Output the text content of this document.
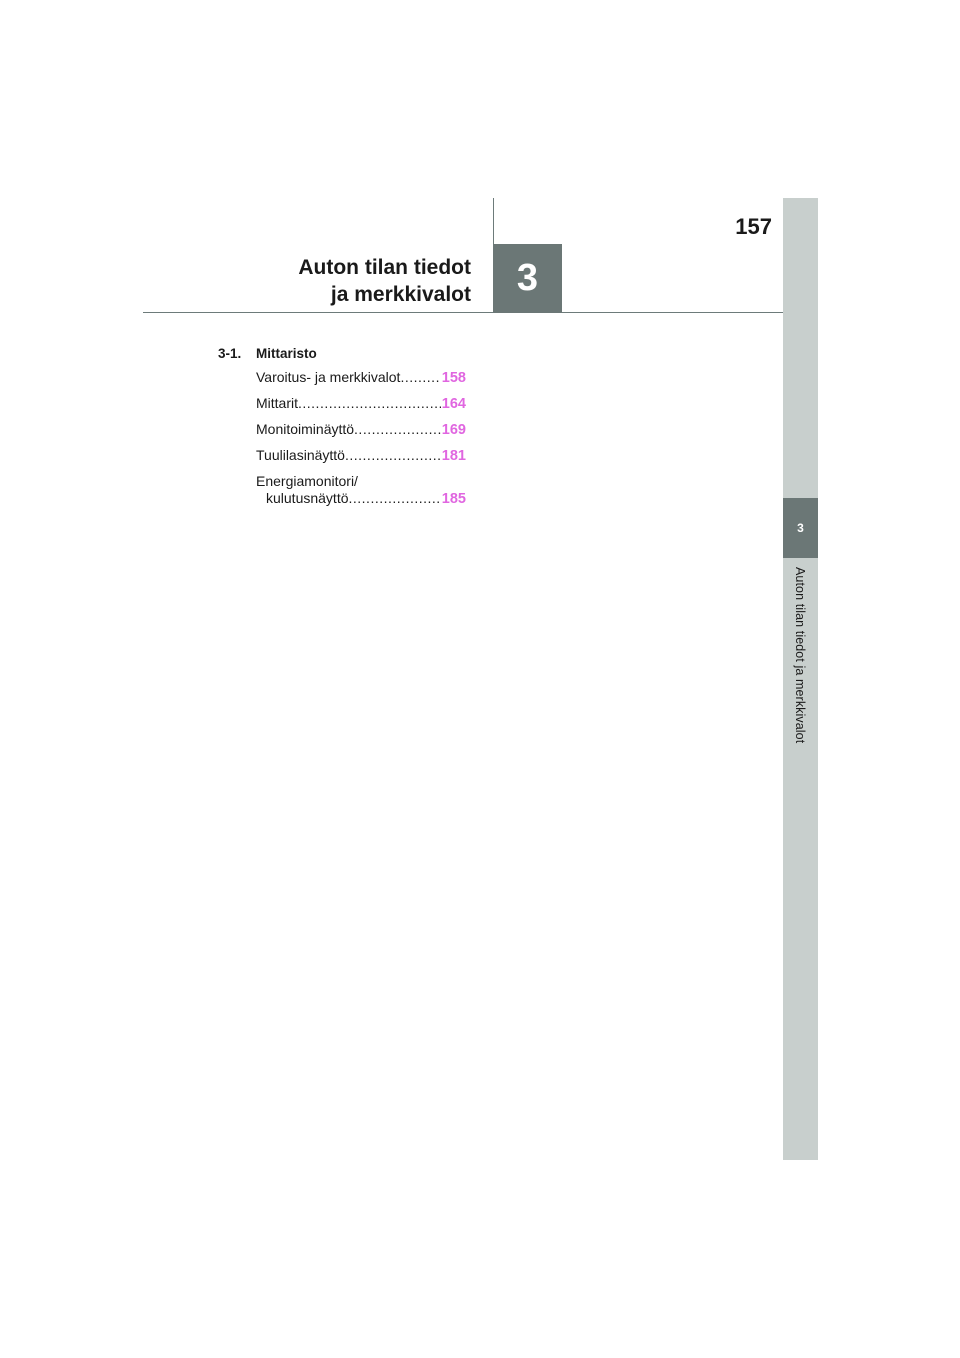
157
Auton tilan tiedot
ja merkkivalot	3
3
Auton tilan tiedot ja merkkivalot
3-1. Mittaristo
Varoitus- ja merkkivalot .....	158
Mittarit .....	164
Monitoiminäyttö .....	169
Tuulilasinäyttö .....	181
Energiamonitori/
kulutusnäyttö .....	185
